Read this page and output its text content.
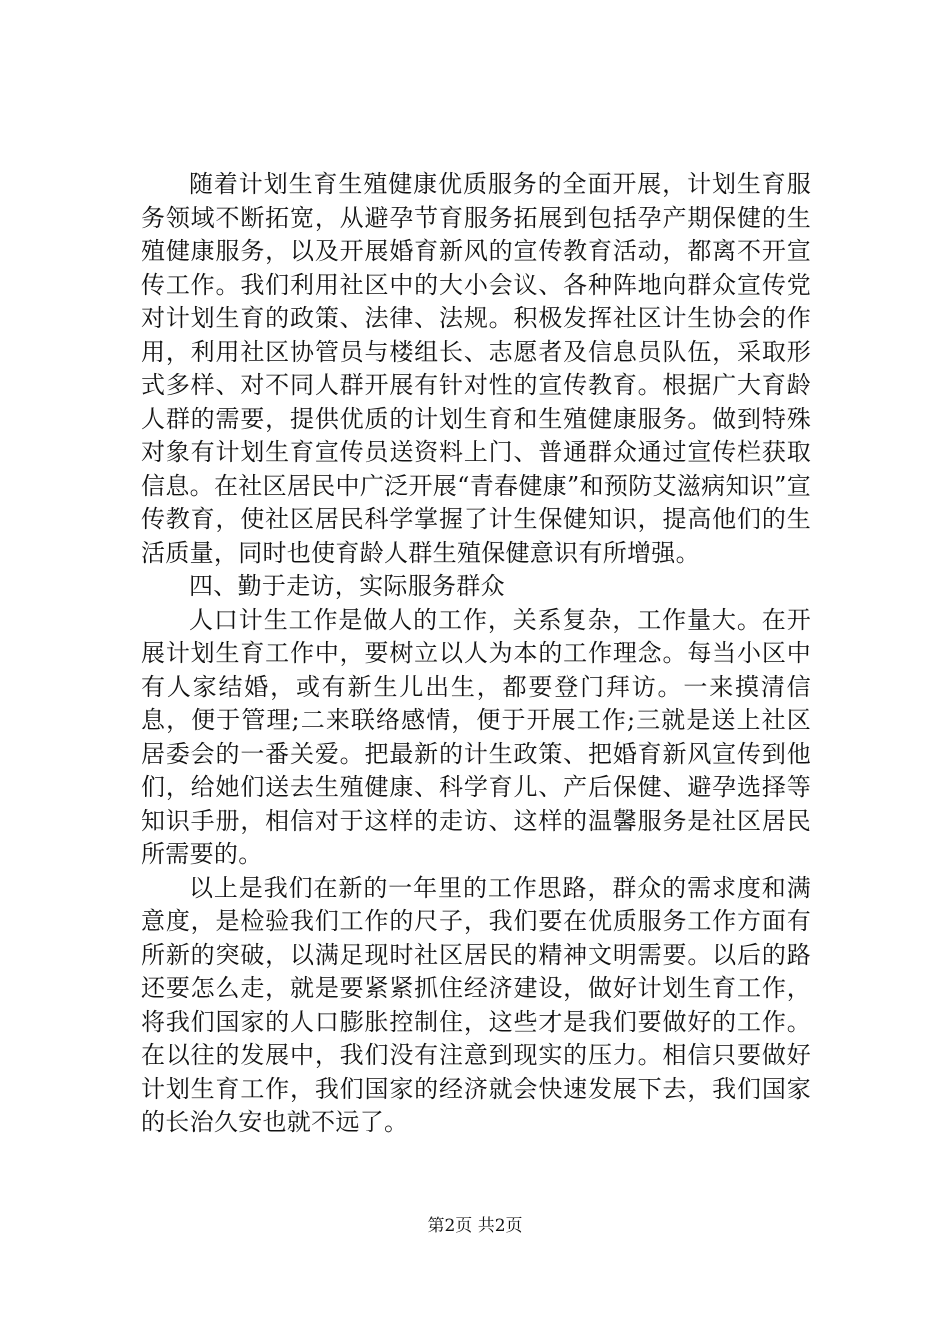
随着计划生育生殖健康优质服务的全面开展，计划生育服务领域不断拓宽，从避孕节育服务拓展到包括孕产期保健的生殖健康服务，以及开展婚育新风的宣传教育活动，都离不开宣传工作。我们利用社区中的大小会议、各种阵地向群众宣传党对计划生育的政策、法律、法规。积极发挥社区计生协会的作用，利用社区协管员与楼组长、志愿者及信息员队伍，采取形式多样、对不同人群开展有针对性的宣传教育。根据广大育龄人群的需要，提供优质的计划生育和生殖健康服务。做到特殊对象有计划生育宣传员送资料上门、普通群众通过宣传栏获取信息。在社区居民中广泛开展“青春健康”和预防艾滋病知识”宣传教育，使社区居民科学掌握了计生保健知识，提高他们的生活质量，同时也使育龄人群生殖保健意识有所增强。

四、勤于走访，实际服务群众

人口计生工作是做人的工作，关系复杂，工作量大。在开展计划生育工作中，要树立以人为本的工作理念。每当小区中有人家结婚，或有新生儿出生，都要登门拜访。一来摸清信息，便于管理;二来联络感情，便于开展工作;三就是送上社区居委会的一番关爱。把最新的计生政策、把婚育新风宣传到他们，给她们送去生殖健康、科学育儿、产后保健、避孕选择等知识手册，相信对于这样的走访、这样的温馨服务是社区居民所需要的。

以上是我们在新的一年里的工作思路，群众的需求度和满意度，是检验我们工作的尺子，我们要在优质服务工作方面有所新的突破，以满足现时社区居民的精神文明需要。以后的路还要怎么走，就是要紧紧抓住经济建设，做好计划生育工作，将我们国家的人口膨胀控制住，这些才是我们要做好的工作。在以往的发展中，我们没有注意到现实的压力。相信只要做好计划生育工作，我们国家的经济就会快速发展下去，我们国家的长治久安也就不远了。

第2页 共2页
